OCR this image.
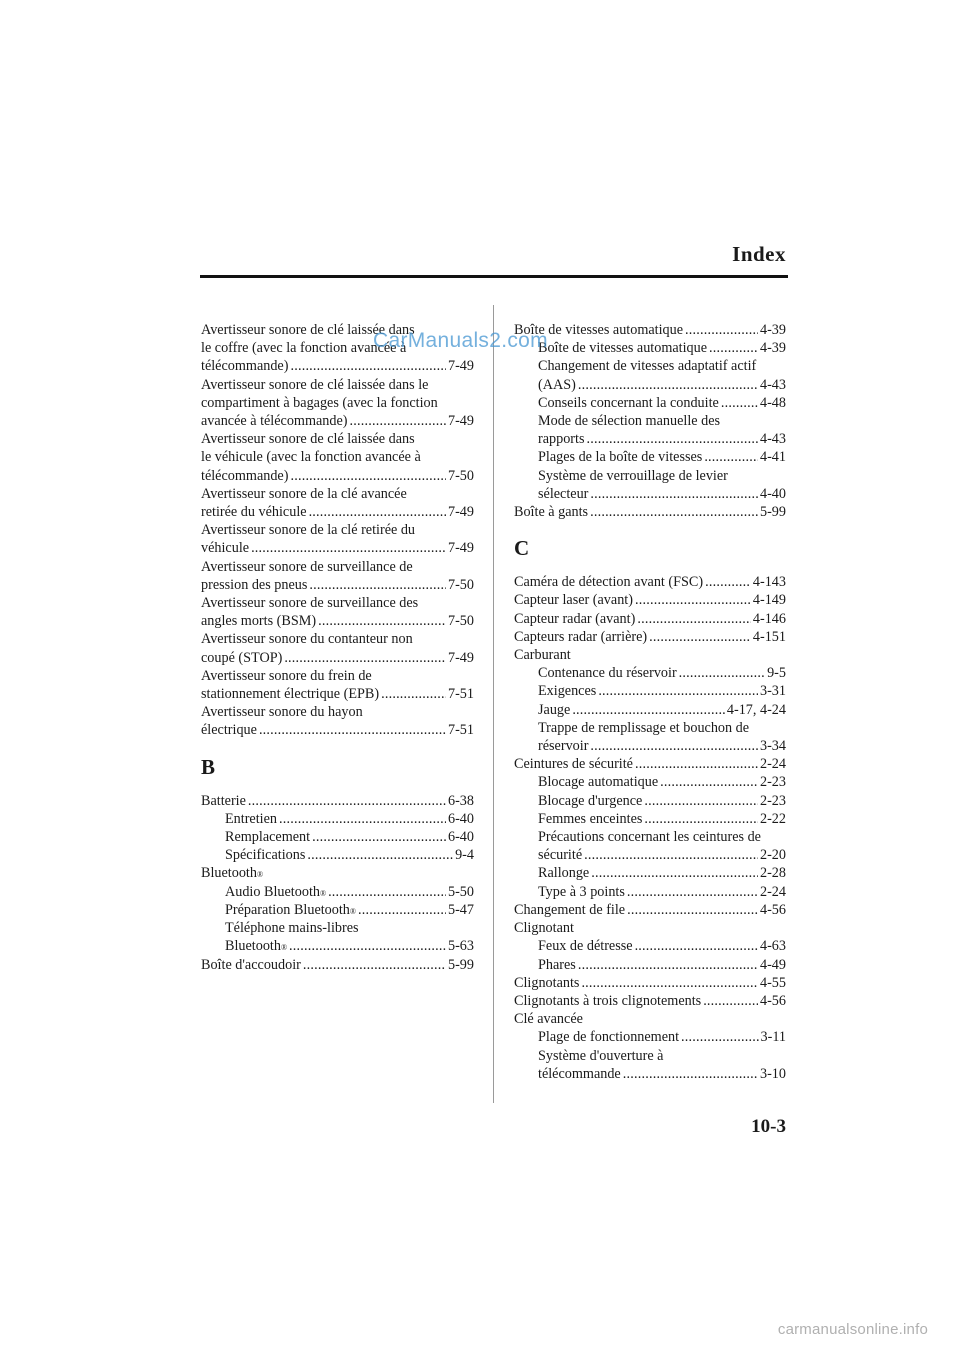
Index
Avertisseur sonore de clé laissée dans
le coffre (avec la fonction avancée à
télécommande) .....	7-49
Avertisseur sonore de clé laissée dans le
compartiment à bagages (avec la fonction
avancée à télécommande) .....	7-49
Avertisseur sonore de clé laissée dans
le véhicule (avec la fonction avancée à
télécommande) .....	7-50
Avertisseur sonore de la clé avancée
retirée du véhicule .....	7-49
Avertisseur sonore de la clé retirée du
véhicule .....	7-49
Avertisseur sonore de surveillance de
pression des pneus .....	7-50
Avertisseur sonore de surveillance des
angles morts (BSM) .....	7-50
Avertisseur sonore du contanteur non
coupé (STOP) .....	7-49
Avertisseur sonore du frein de
stationnement électrique (EPB) .....	7-51
Avertisseur sonore du hayon
électrique .....	7-51
B
Batterie .....	6-38
Entretien .....	6-40
Remplacement .....	6-40
Spécifications .....	9-4
Bluetooth ®
Audio Bluetooth ® .....	5-50
Préparation Bluetooth ® .....	5-47
Téléphone mains-libres
Bluetooth ® .....	5-63
Boîte d'accoudoir .....	5-99
Boîte de vitesses automatique .....	4-39
Boîte de vitesses automatique .....	4-39
Changement de vitesses adaptatif actif
(AAS) .....	4-43
Conseils concernant la conduite .....	4-48
Mode de sélection manuelle des
rapports .....	4-43
Plages de la boîte de vitesses .....	4-41
Système de verrouillage de levier
sélecteur .....	4-40
Boîte à gants .....	5-99
C
Caméra de détection avant (FSC) .....	4-143
Capteur laser (avant) .....	4-149
Capteur radar (avant) .....	4-146
Capteurs radar (arrière) .....	4-151
Carburant
Contenance du réservoir .....	9-5
Exigences .....	3-31
Jauge .....	4-17, 4-24
Trappe de remplissage et bouchon de
réservoir .....	3-34
Ceintures de sécurité .....	2-24
Blocage automatique .....	2-23
Blocage d'urgence .....	2-23
Femmes enceintes .....	2-22
Précautions concernant les ceintures de
sécurité .....	2-20
Rallonge .....	2-28
Type à 3 points .....	2-24
Changement de file .....	4-56
Clignotant
Feux de détresse .....	4-63
Phares .....	4-49
Clignotants .....	4-55
Clignotants à trois clignotements .....	4-56
Clé avancée
Plage de fonctionnement .....	3-11
Système d'ouverture à
télécommande .....	3-10
10-3
CarManuals2.com
carmanualsonline.info
